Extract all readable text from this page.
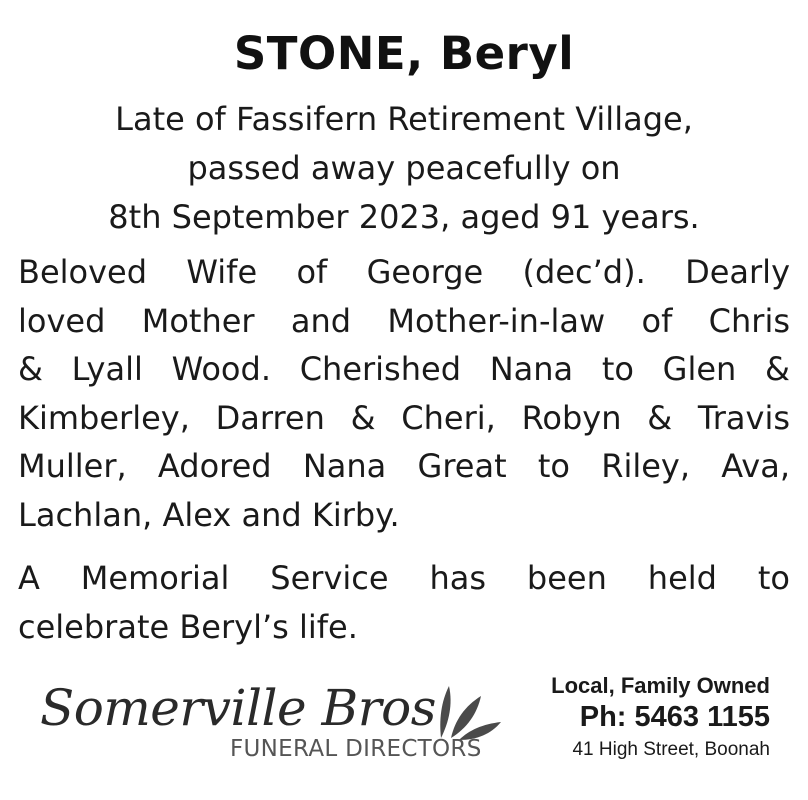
STONE, Beryl
Late of Fassifern Retirement Village,
passed away peacefully on
8th September 2023, aged 91 years.
Beloved Wife of George (dec’d). Dearly
loved Mother and Mother-in-law of Chris
& Lyall Wood. Cherished Nana to Glen &
Kimberley, Darren & Cheri, Robyn & Travis
Muller, Adored Nana Great to Riley, Ava,
Lachlan, Alex and Kirby.
A Memorial Service has been held to
celebrate Beryl’s life.
Somerville Bros
FUNERAL DIRECTORS
Local, Family Owned
Ph: 5463 1155
41 High Street, Boonah
